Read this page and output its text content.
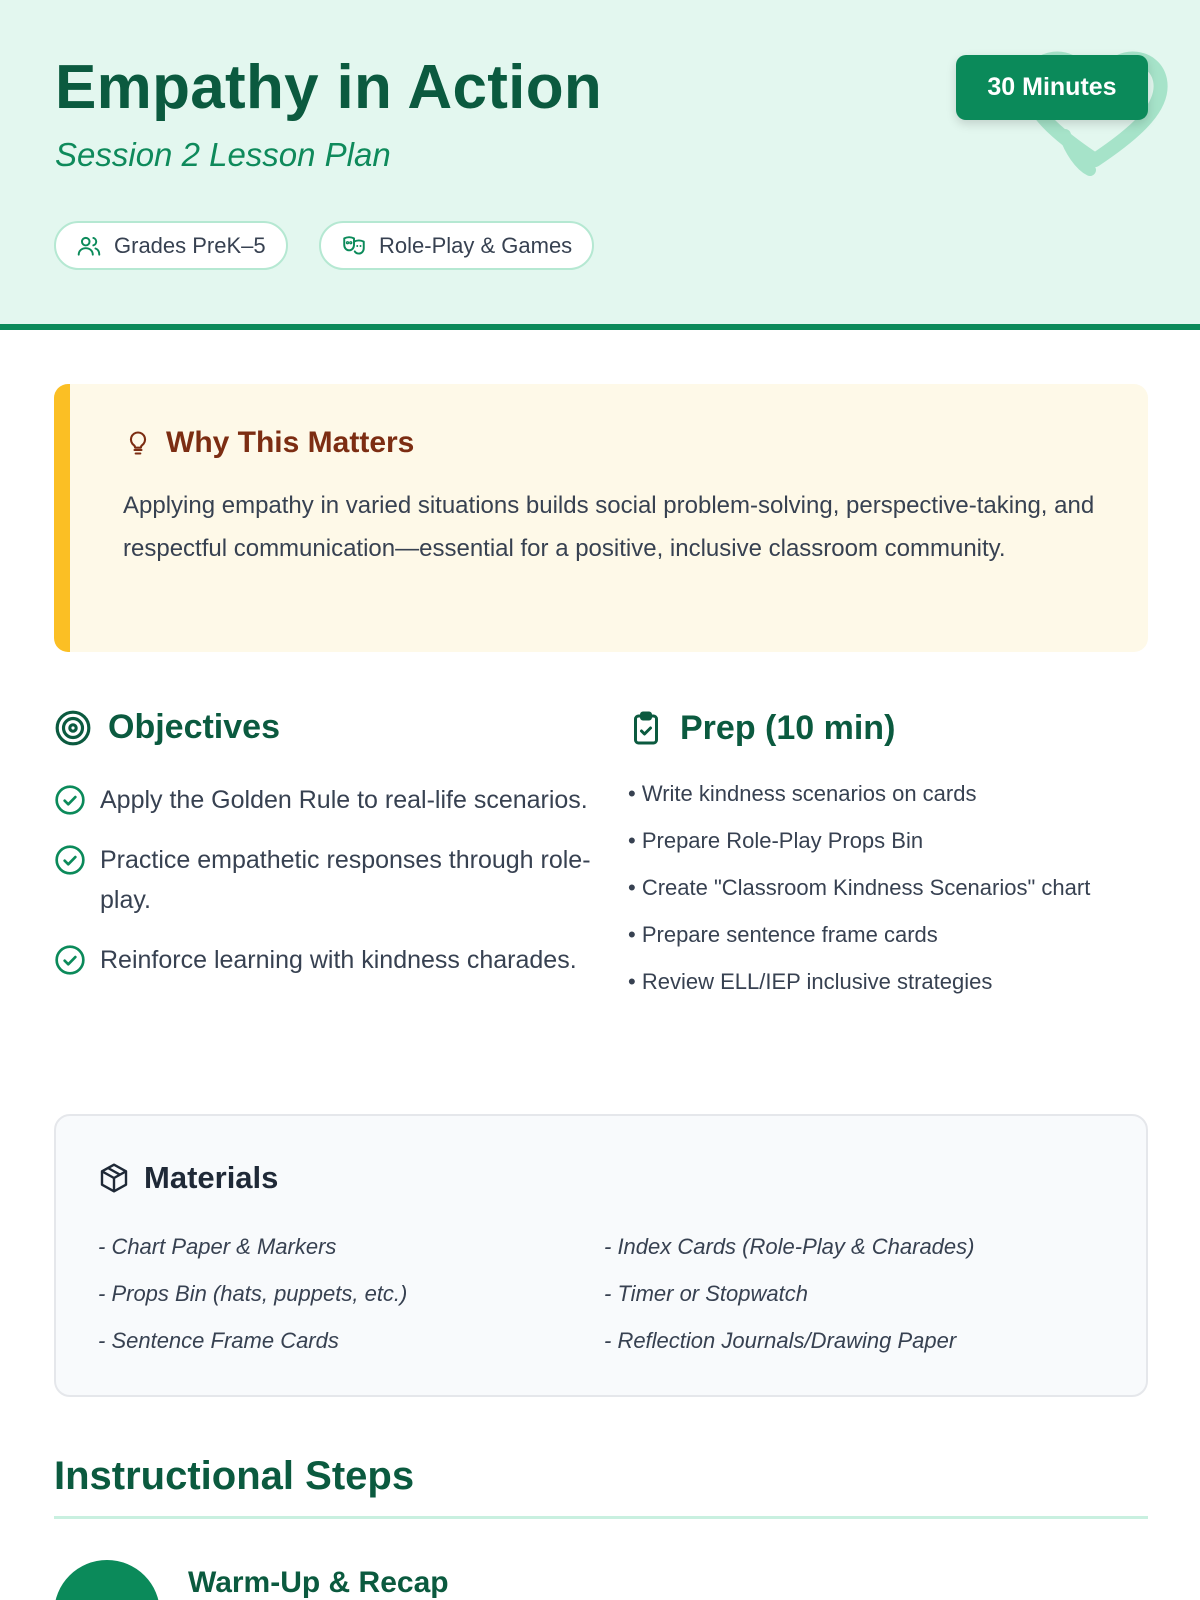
Empathy in Action
Session 2 Lesson Plan
30 Minutes
Grades PreK–5	Role-Play & Games
Why This Matters
Applying empathy in varied situations builds social problem-solving, perspective-taking, and respectful communication—essential for a positive, inclusive classroom community.
Objectives
Apply the Golden Rule to real-life scenarios.
Practice empathetic responses through role-play.
Reinforce learning with kindness charades.
Prep (10 min)
• Write kindness scenarios on cards
• Prepare Role-Play Props Bin
• Create "Classroom Kindness Scenarios" chart
• Prepare sentence frame cards
• Review ELL/IEP inclusive strategies
Materials
- Chart Paper & Markers
- Props Bin (hats, puppets, etc.)
- Sentence Frame Cards
- Index Cards (Role-Play & Charades)
- Timer or Stopwatch
- Reflection Journals/Drawing Paper
Instructional Steps
Warm-Up & Recap
